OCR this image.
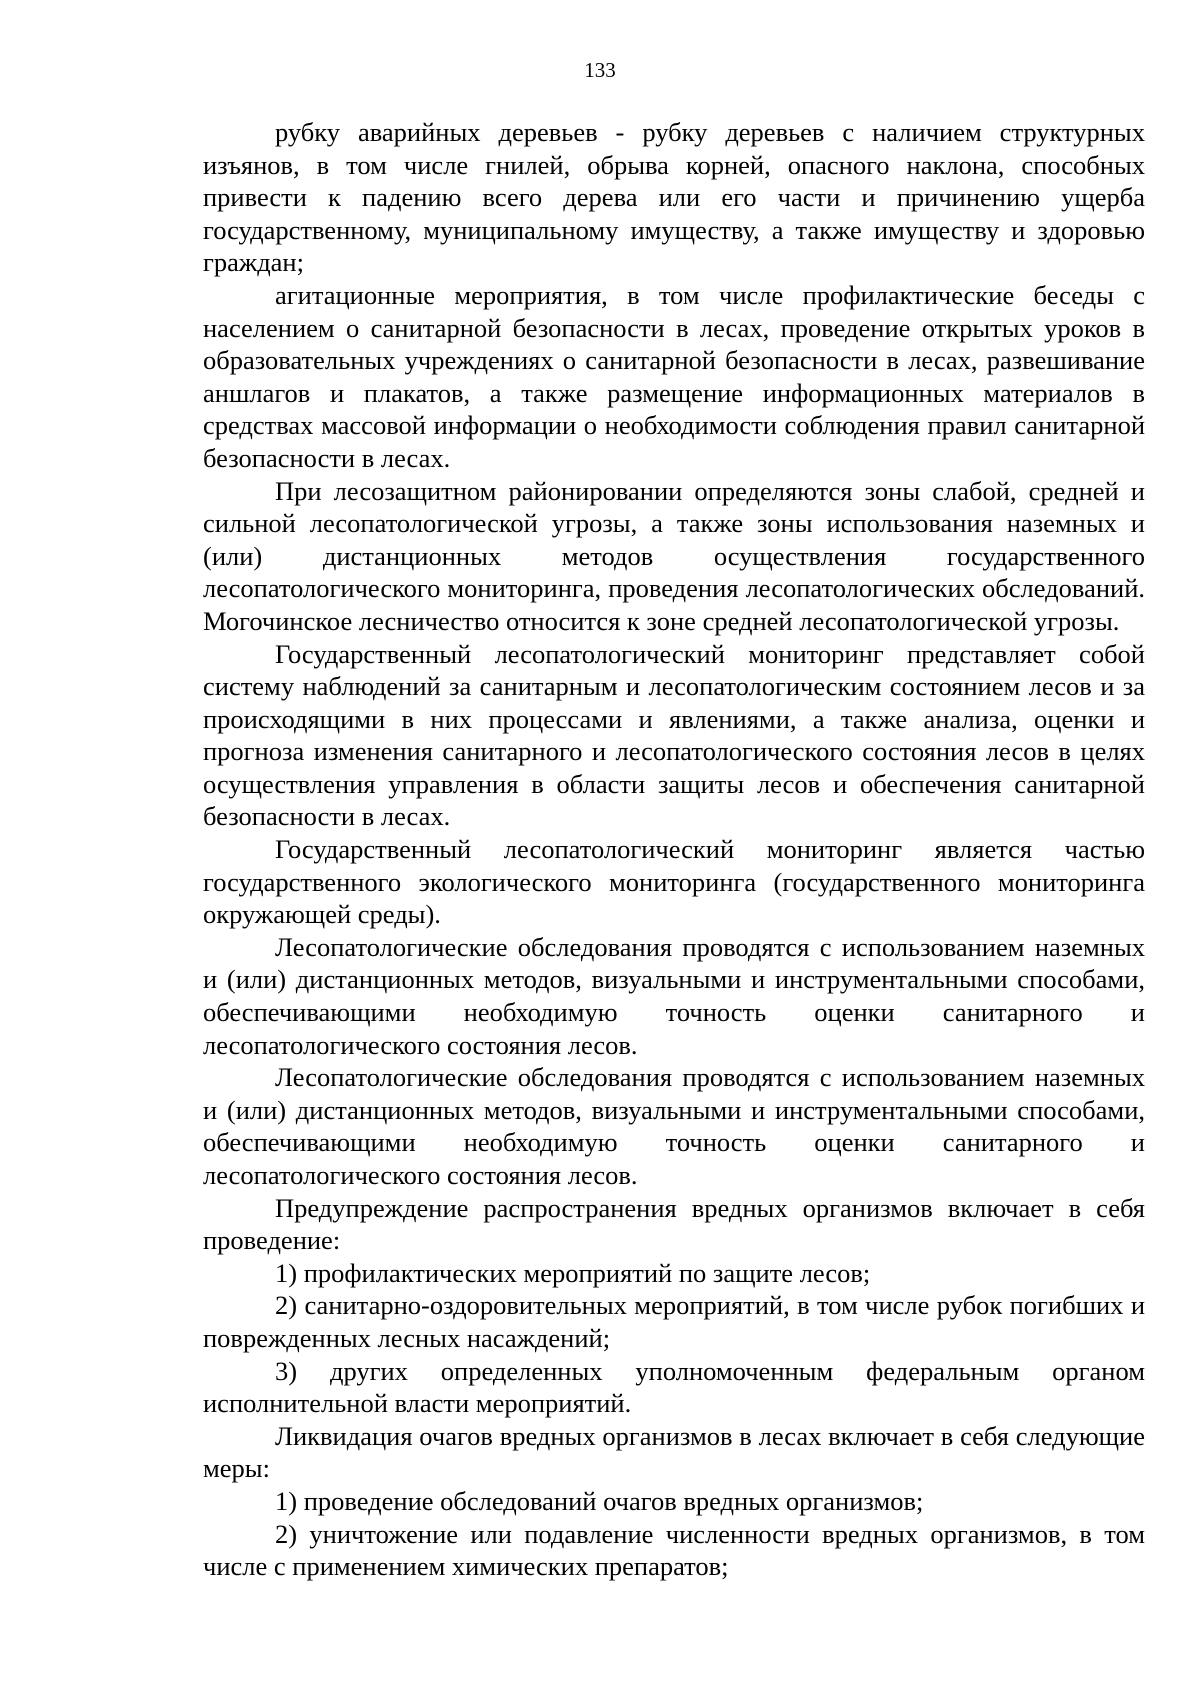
133

рубку аварийных деревьев - рубку деревьев с наличием структурных изъянов, в том числе гнилей, обрыва корней, опасного наклона, способных привести к падению всего дерева или его части и причинению ущерба государственному, муниципальному имуществу, а также имуществу и здоровью граждан;

агитационные мероприятия, в том числе профилактические беседы с населением о санитарной безопасности в лесах, проведение открытых уроков в образовательных учреждениях о санитарной безопасности в лесах, развешивание аншлагов и плакатов, а также размещение информационных материалов в средствах массовой информации о необходимости соблюдения правил санитарной безопасности в лесах.

При лесозащитном районировании определяются зоны слабой, средней и сильной лесопатологической угрозы, а также зоны использования наземных и (или) дистанционных методов осуществления государственного лесопатологического мониторинга, проведения лесопатологических обследований. Могочинское лесничество относится к зоне средней лесопатологической угрозы.

Государственный лесопатологический мониторинг представляет собой систему наблюдений за санитарным и лесопатологическим состоянием лесов и за происходящими в них процессами и явлениями, а также анализа, оценки и прогноза изменения санитарного и лесопатологического состояния лесов в целях осуществления управления в области защиты лесов и обеспечения санитарной безопасности в лесах.

Государственный лесопатологический мониторинг является частью государственного экологического мониторинга (государственного мониторинга окружающей среды).

Лесопатологические обследования проводятся с использованием наземных и (или) дистанционных методов, визуальными и инструментальными способами, обеспечивающими необходимую точность оценки санитарного и лесопатологического состояния лесов.

Лесопатологические обследования проводятся с использованием наземных и (или) дистанционных методов, визуальными и инструментальными способами, обеспечивающими необходимую точность оценки санитарного и лесопатологического состояния лесов.

Предупреждение распространения вредных организмов включает в себя проведение:

1) профилактических мероприятий по защите лесов;

2) санитарно-оздоровительных мероприятий, в том числе рубок погибших и поврежденных лесных насаждений;

3) других определенных уполномоченным федеральным органом исполнительной власти мероприятий.

Ликвидация очагов вредных организмов в лесах включает в себя следующие меры:

1) проведение обследований очагов вредных организмов;

2) уничтожение или подавление численности вредных организмов, в том числе с применением химических препаратов;
